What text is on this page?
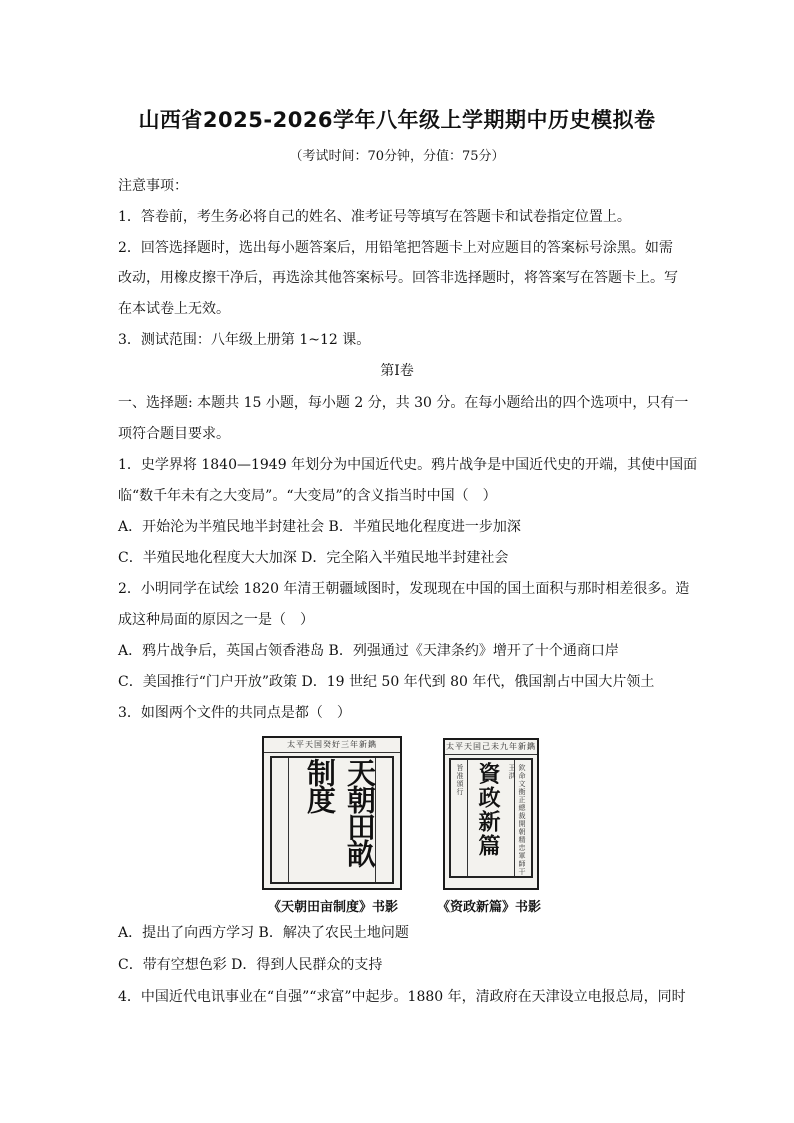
山西省2025-2026学年八年级上学期期中历史模拟卷
（考试时间：70分钟，分值：75分）
注意事项：
1．答卷前，考生务必将自己的姓名、准考证号等填写在答题卡和试卷指定位置上。
2．回答选择题时，选出每小题答案后，用铅笔把答题卡上对应题目的答案标号涂黑。如需
改动，用橡皮擦干净后，再选涂其他答案标号。回答非选择题时，将答案写在答题卡上。写
在本试卷上无效。
3．测试范围：八年级上册第 1~12 课。
第Ⅰ卷
一、选择题: 本题共 15 小题，每小题 2 分，共 30 分。在每小题给出的四个选项中，只有一
项符合题目要求。
1．史学界将 1840—1949 年划分为中国近代史。鸦片战争是中国近代史的开端，其使中国面
临“数千年未有之大变局”。“大变局”的含义指当时中国（　）
A．开始沦为半殖民地半封建社会 B．半殖民地化程度进一步加深
C．半殖民地化程度大大加深 D．完全陷入半殖民地半封建社会
2．小明同学在试绘 1820 年清王朝疆域图时，发现现在中国的国土面积与那时相差很多。造
成这种局面的原因之一是（　）
A．鸦片战争后，英国占领香港岛 B．列强通过《天津条约》增开了十个通商口岸
C．美国推行“门户开放”政策 D．19 世纪 50 年代到 80 年代，俄国割占中国大片领土
3．如图两个文件的共同点是都（　）
太平天国癸好三年新鐫
天朝田畝制度
《天朝田亩制度》书影
太平天囯己未九年新鐫
旨准頒行 資政新篇	欽命文衡正總裁開朝精忠軍師干王洪
《资政新篇》书影
A．提出了向西方学习 B．解决了农民土地问题
C．带有空想色彩 D．得到人民群众的支持
4．中国近代电讯事业在“自强”“求富”中起步。1880 年，清政府在天津设立电报总局，同时
